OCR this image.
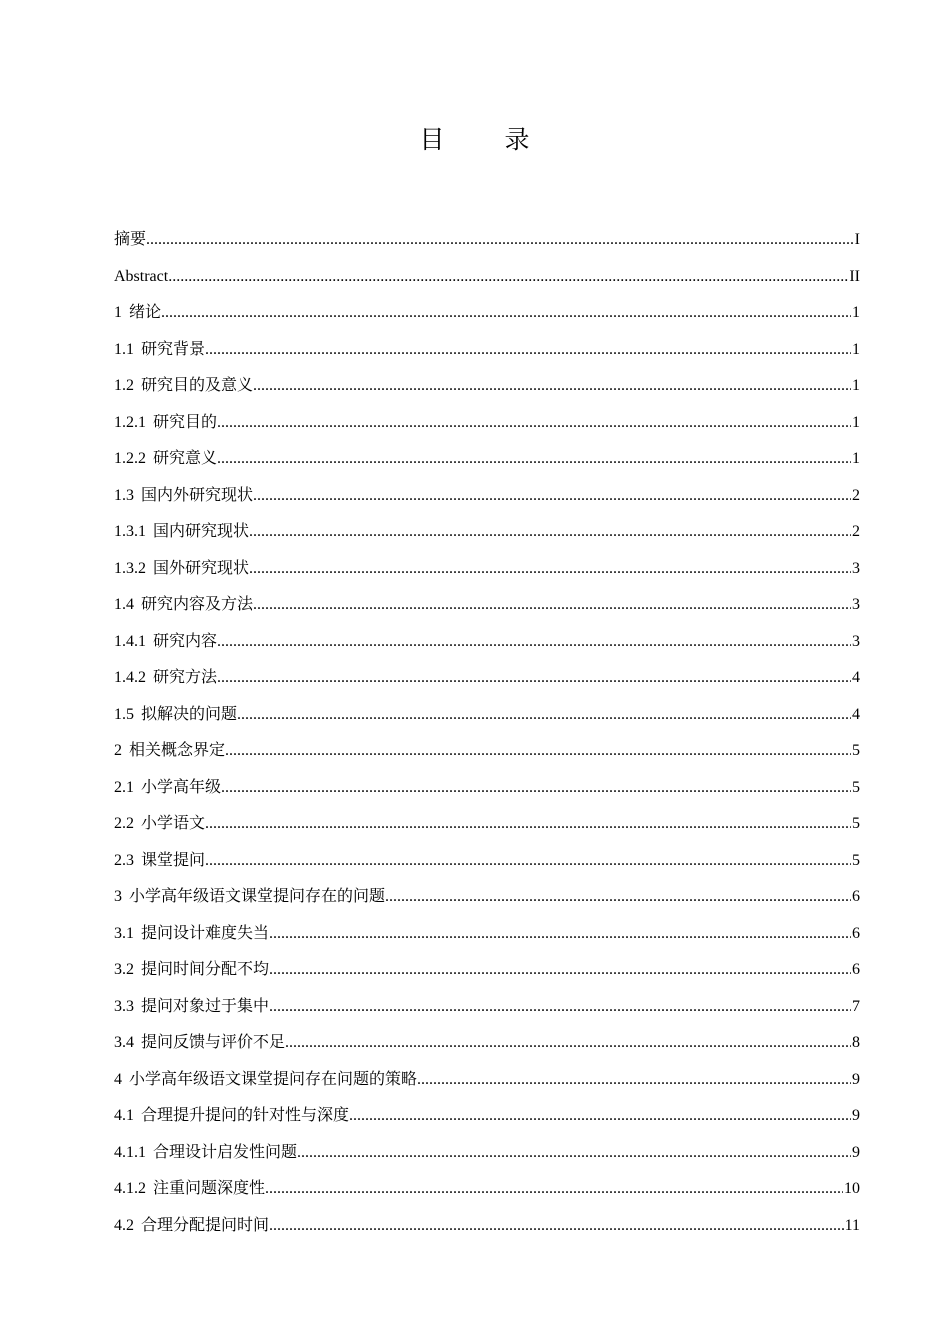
目 录
摘要 .....	I
Abstract .....	II
1 绪论 .....	1
1.1 研究背景 .....	1
1.2 研究目的及意义 .....	1
1.2.1 研究目的 .....	1
1.2.2 研究意义 .....	1
1.3 国内外研究现状 .....	2
1.3.1 国内研究现状 .....	2
1.3.2 国外研究现状 .....	3
1.4 研究内容及方法 .....	3
1.4.1 研究内容 .....	3
1.4.2 研究方法 .....	4
1.5 拟解决的问题 .....	4
2 相关概念界定 .....	5
2.1 小学高年级 .....	5
2.2 小学语文 .....	5
2.3 课堂提问 .....	5
3 小学高年级语文课堂提问存在的问题 .....	6
3.1 提问设计难度失当 .....	6
3.2 提问时间分配不均 .....	6
3.3 提问对象过于集中 .....	7
3.4 提问反馈与评价不足 .....	8
4 小学高年级语文课堂提问存在问题的策略 .....	9
4.1 合理提升提问的针对性与深度 .....	9
4.1.1 合理设计启发性问题 .....	9
4.1.2 注重问题深度性 .....	10
4.2 合理分配提问时间 .....	11
